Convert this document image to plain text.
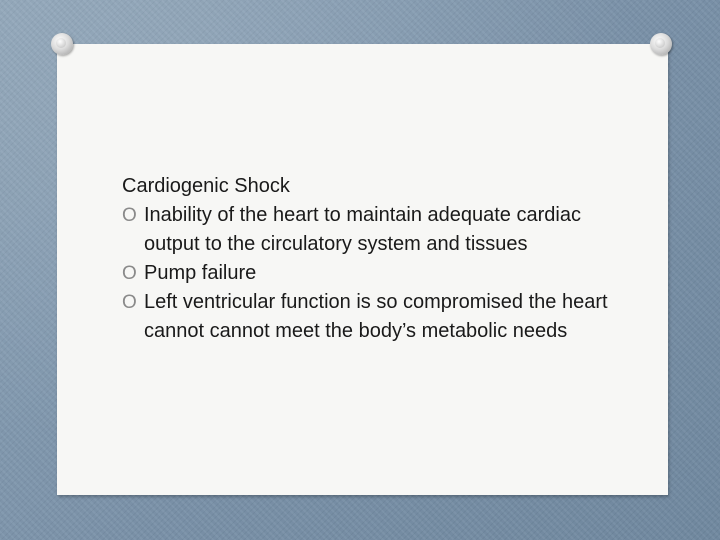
Cardiogenic Shock
O Inability of the heart to maintain adequate cardiac output to the circulatory system and tissues
O Pump failure
O Left ventricular function is so compromised the heart cannot cannot meet the body’s metabolic needs
